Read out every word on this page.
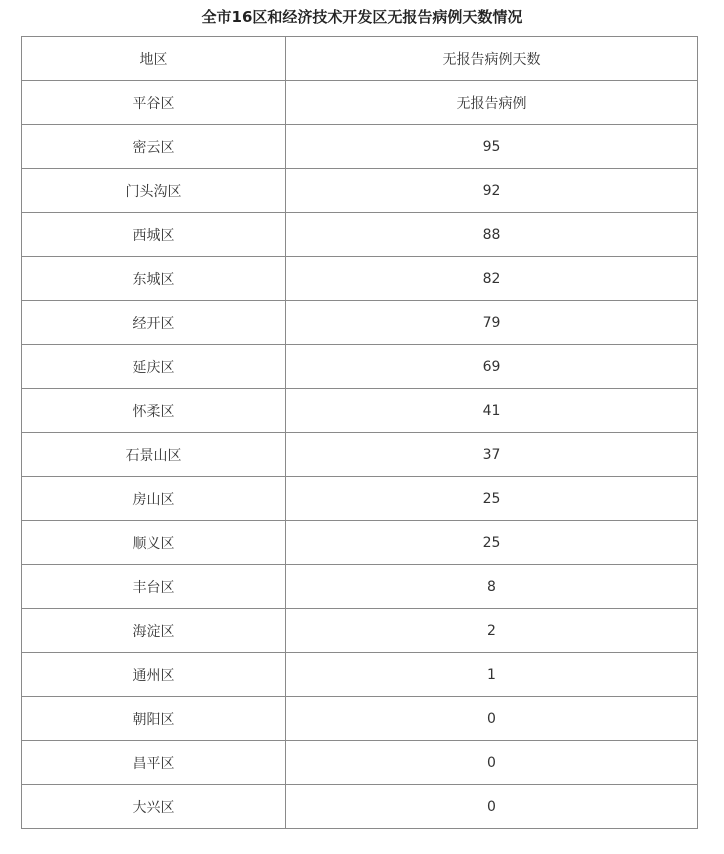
全市16区和经济技术开发区无报告病例天数情况
地区	无报告病例天数
平谷区	无报告病例
密云区	95
门头沟区	92
西城区	88
东城区	82
经开区	79
延庆区	69
怀柔区	41
石景山区	37
房山区	25
顺义区	25
丰台区	8
海淀区	2
通州区	1
朝阳区	0
昌平区	0
大兴区	0
